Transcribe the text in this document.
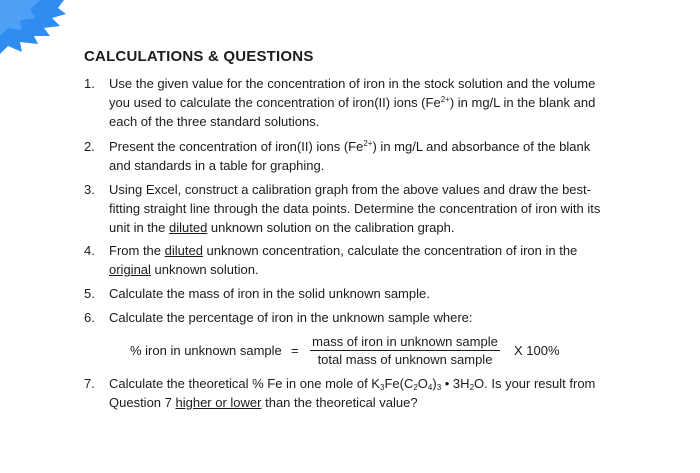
CALCULATIONS & QUESTIONS
1. Use the given value for the concentration of iron in the stock solution and the volume you used to calculate the concentration of iron(II) ions $(Fe^{2+})$ in mg/L in the blank and each of the three standard solutions.
2. Present the concentration of iron(II) ions $(Fe^{2+})$ in mg/L and absorbance of the blank and standards in a table for graphing.
3. Using Excel, construct a calibration graph from the above values and draw the best-fitting straight line through the data points. Determine the concentration of iron with its unit in the diluted unknown solution on the calibration graph.
4. From the diluted unknown concentration, calculate the concentration of iron in the original unknown solution.
5. Calculate the mass of iron in the solid unknown sample.
6. Calculate the percentage of iron in the unknown sample where:
% iron in unknown sample =
mass of iron in unknown sample
total mass of unknown sample
X 100%
7. Calculate the theoretical % Fe in one mole of $K_3Fe(C_2O_4)_3$ • $3H_2O$. Is your result from Question 7 higher or lower than the theoretical value?
